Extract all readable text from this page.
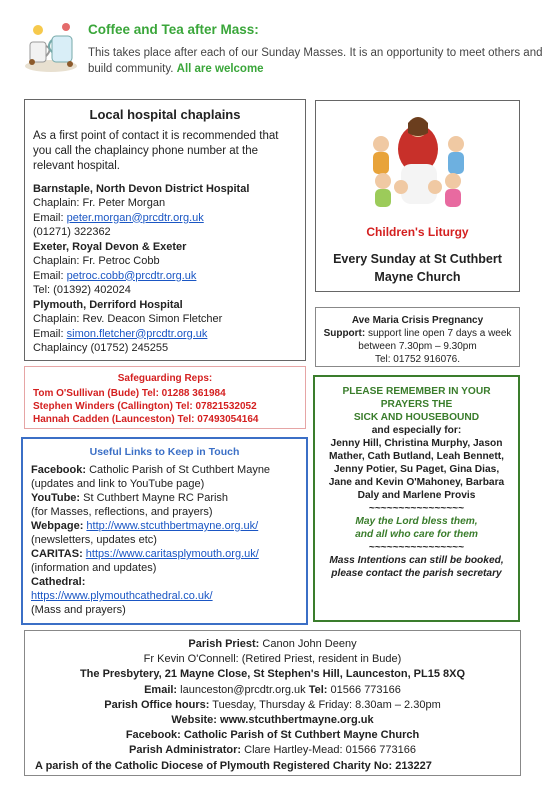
Coffee and Tea after Mass:
This takes place after each of our Sunday Masses. It is an opportunity to meet others and build community. All are welcome
Local hospital chaplains
As a first point of contact it is recommended that you call the chaplaincy phone number at the relevant hospital.
Barnstaple, North Devon District Hospital
Chaplain: Fr. Peter Morgan
Email: peter.morgan@prcdtr.org.uk
(01271) 322362
Exeter, Royal Devon & Exeter
Chaplain: Fr. Petroc Cobb
Email: petroc.cobb@prcdtr.org.uk
Tel: (01392) 402024
Plymouth, Derriford Hospital
Chaplain: Rev. Deacon Simon Fletcher
Email: simon.fletcher@prcdtr.org.uk
Chaplaincy (01752) 245255
Children's Liturgy
Every Sunday at St Cuthbert Mayne Church
Ave Maria Crisis Pregnancy
Support: support line open 7 days a week between 7.30pm – 9.30pm
Tel: 01752 916076.
Safeguarding Reps:
Tom O'Sullivan (Bude) Tel: 01288 361984
Stephen Winders (Callington) Tel: 07821532052
Hannah Cadden (Launceston) Tel: 07493054164
PLEASE REMEMBER IN YOUR PRAYERS THE
SICK AND HOUSEBOUND
and especially for:
Jenny Hill, Christina Murphy, Jason Mather, Cath Butland, Leah Bennett, Jenny Potier, Su Paget, Gina Dias, Jane and Kevin O'Mahoney, Barbara Daly and Marlene Provis
~~~~~~~~~~~~~~~~
May the Lord bless them,
and all who care for them
~~~~~~~~~~~~~~~~
Mass Intentions can still be booked, please contact the parish secretary
Useful Links to Keep in Touch
Facebook: Catholic Parish of St Cuthbert Mayne (updates and link to YouTube page)
YouTube: St Cuthbert Mayne RC Parish
(for Masses, reflections, and prayers)
Webpage: http://www.stcuthbertmayne.org.uk/
(newsletters, updates etc)
CARITAS: https://www.caritasplymouth.org.uk/
(information and updates)
Cathedral:
https://www.plymouthcathedral.co.uk/
(Mass and prayers)
Parish Priest: Canon John Deeny
Fr Kevin O'Connell: (Retired Priest, resident in Bude)
The Presbytery, 21 Mayne Close, St Stephen's Hill, Launceston, PL15 8XQ
Email: launceston@prcdtr.org.uk Tel: 01566 773166
Parish Office hours: Tuesday, Thursday & Friday: 8.30am – 2.30pm
Website: www.stcuthbertmayne.org.uk
Facebook: Catholic Parish of St Cuthbert Mayne Church
Parish Administrator: Clare Hartley-Mead: 01566 773166
A parish of the Catholic Diocese of Plymouth Registered Charity No: 213227
